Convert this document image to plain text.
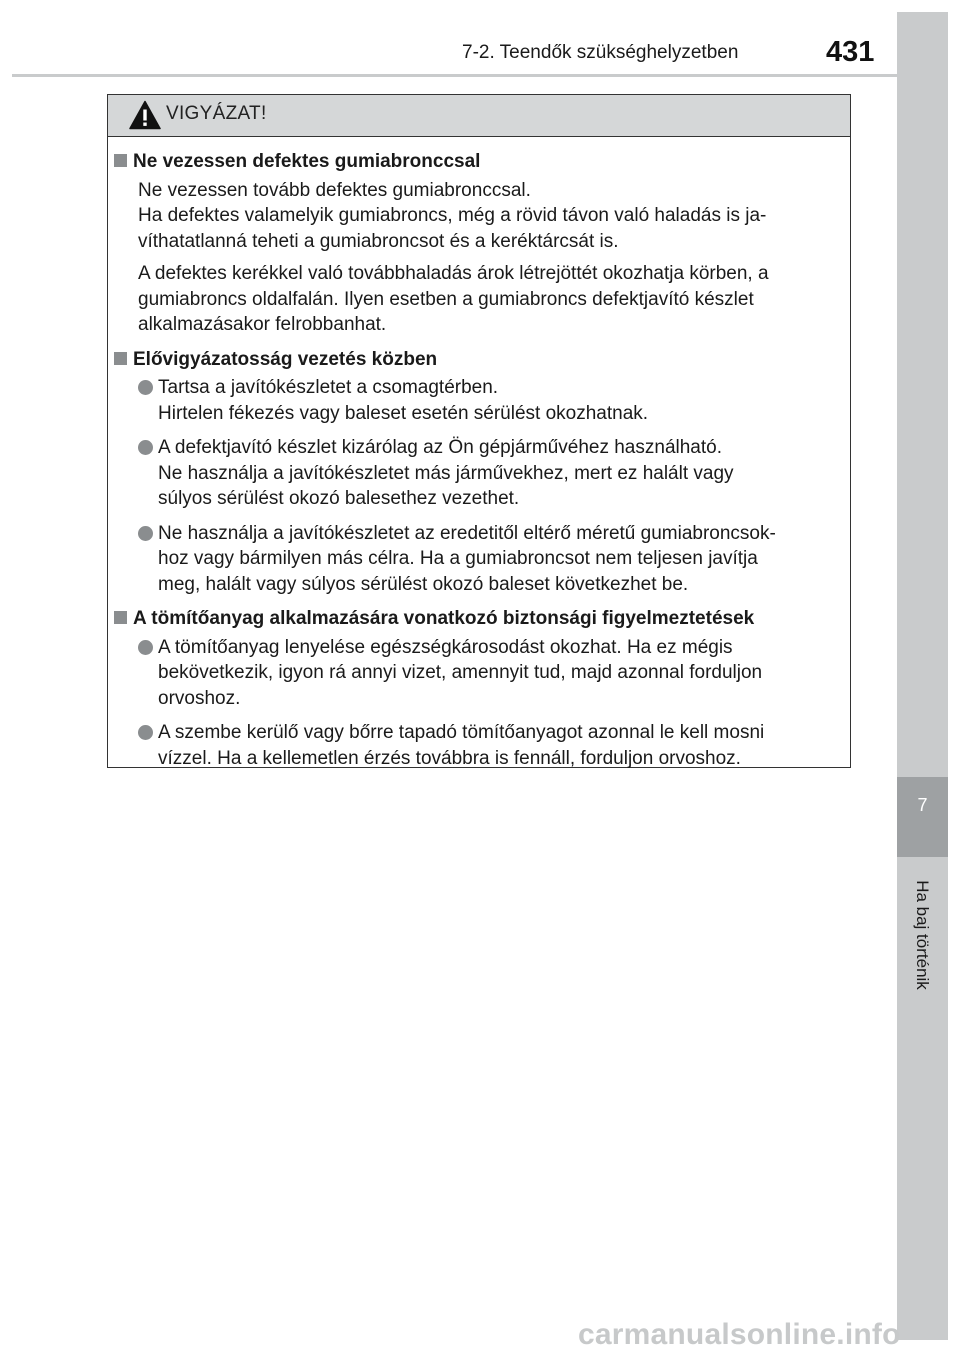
7-2. Teendők szükséghelyzetben	431
7
Ha baj történik
VIGYÁZAT!

Ne vezessen defektes gumiabronccsal

Ne vezessen tovább defektes gumiabronccsal.
Ha defektes valamelyik gumiabroncs, még a rövid távon való haladás is ja-
víthatatlanná teheti a gumiabroncsot és a keréktárcsát is.

A defektes kerékkel való továbbhaladás árok létrejöttét okozhatja körben, a
gumiabroncs oldalfalán. Ilyen esetben a gumiabroncs defektjavító készlet
alkalmazásakor felrobbanhat.

Elővigyázatosság vezetés közben

Tartsa a javítókészletet a csomagtérben.
Hirtelen fékezés vagy baleset esetén sérülést okozhatnak.

A defektjavító készlet kizárólag az Ön gépjárművéhez használható.
Ne használja a javítókészletet más járművekhez, mert ez halált vagy
súlyos sérülést okozó balesethez vezethet.

Ne használja a javítókészletet az eredetitől eltérő méretű gumiabroncsok-
hoz vagy bármilyen más célra. Ha a gumiabroncsot nem teljesen javítja
meg, halált vagy súlyos sérülést okozó baleset következhet be.

A tömítőanyag alkalmazására vonatkozó biztonsági figyelmeztetések

A tömítőanyag lenyelése egészségkárosodást okozhat. Ha ez mégis
bekövetkezik, igyon rá annyi vizet, amennyit tud, majd azonnal forduljon
orvoshoz.

A szembe kerülő vagy bőrre tapadó tömítőanyagot azonnal le kell mosni
vízzel. Ha a kellemetlen érzés továbbra is fennáll, forduljon orvoshoz.

carmanualsonline.info
